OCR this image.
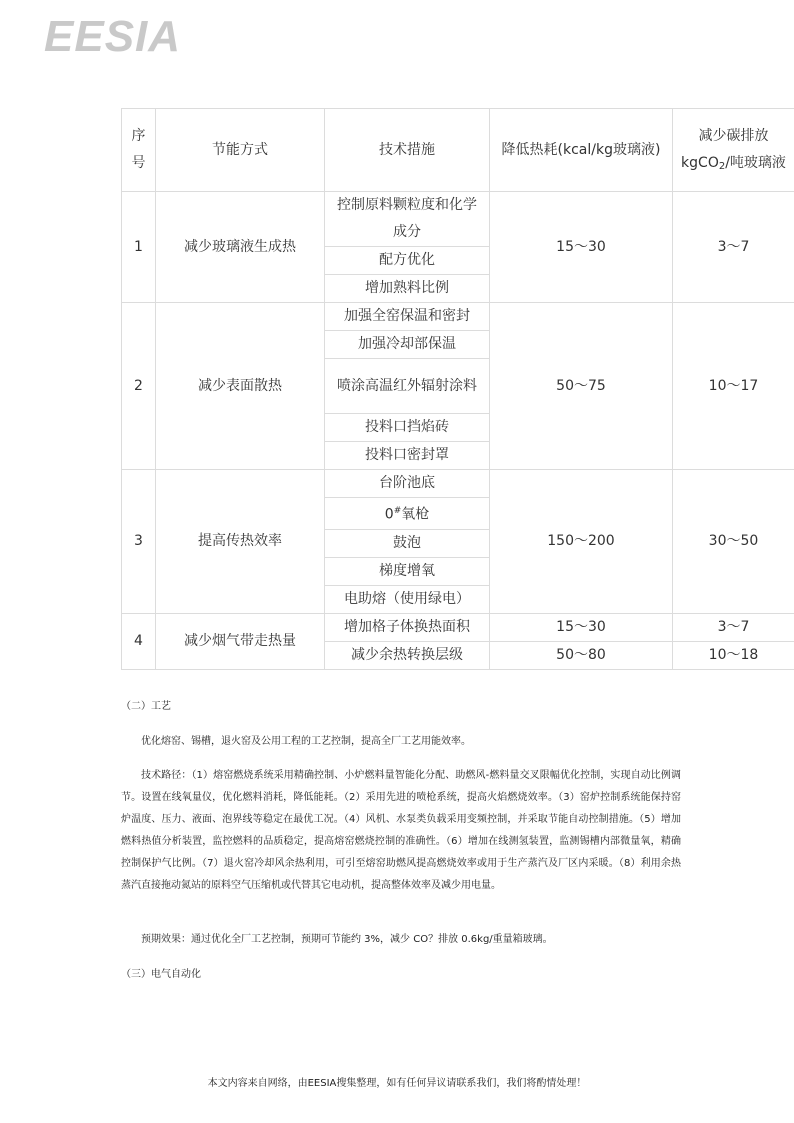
EESIA
序号	节能方式	技术措施	降低热耗(kcal/kg玻璃液)	减少碳排放kgCO2/吨玻璃液
1	减少玻璃液生成热	控制原料颗粒度和化学成分	15～30	3～7
		配方优化		
		增加熟料比例		
2	减少表面散热	加强全窑保温和密封	50～75	10～17
		加强冷却部保温		
		喷涂高温红外辐射涂料		
		投料口挡焰砖		
		投料口密封罩		
3	提高传热效率	台阶池底	150～200	30～50
		0#氧枪		
		鼓泡		
		梯度增氧		
		电助熔（使用绿电）		
4	减少烟气带走热量	增加格子体换热面积	15～30	3～7
		减少余热转换层级	50～80	10～18
（二）工艺
优化熔窑、锡槽，退火窑及公用工程的工艺控制，提高全厂工艺用能效率。
技术路径：（1）熔窑燃烧系统采用精确控制、小炉燃料量智能化分配、助燃风-燃料量交叉限幅优化控制，实现自动比例调节。设置在线氧量仪，优化燃料消耗，降低能耗。（2）采用先进的喷枪系统，提高火焰燃烧效率。（3）窑炉控制系统能保持窑炉温度、压力、液面、泡界线等稳定在最优工况。（4）风机、水泵类负载采用变频控制，并采取节能自动控制措施。（5）增加燃料热值分析装置，监控燃料的品质稳定，提高熔窑燃烧控制的准确性。（6）增加在线测氢装置，监测锡槽内部微量氧，精确控制保护气比例。（7）退火窑冷却风余热利用，可引至熔窑助燃风提高燃烧效率或用于生产蒸汽及厂区内采暖。（8）利用余热蒸汽直接拖动氮站的原料空气压缩机或代替其它电动机，提高整体效率及减少用电量。
预期效果：通过优化全厂工艺控制，预期可节能约 3%，减少 CO？排放 0.6kg/重量箱玻璃。
（三）电气自动化
本文内容来自网络，由EESIA搜集整理，如有任何异议请联系我们，我们将酌情处理！
